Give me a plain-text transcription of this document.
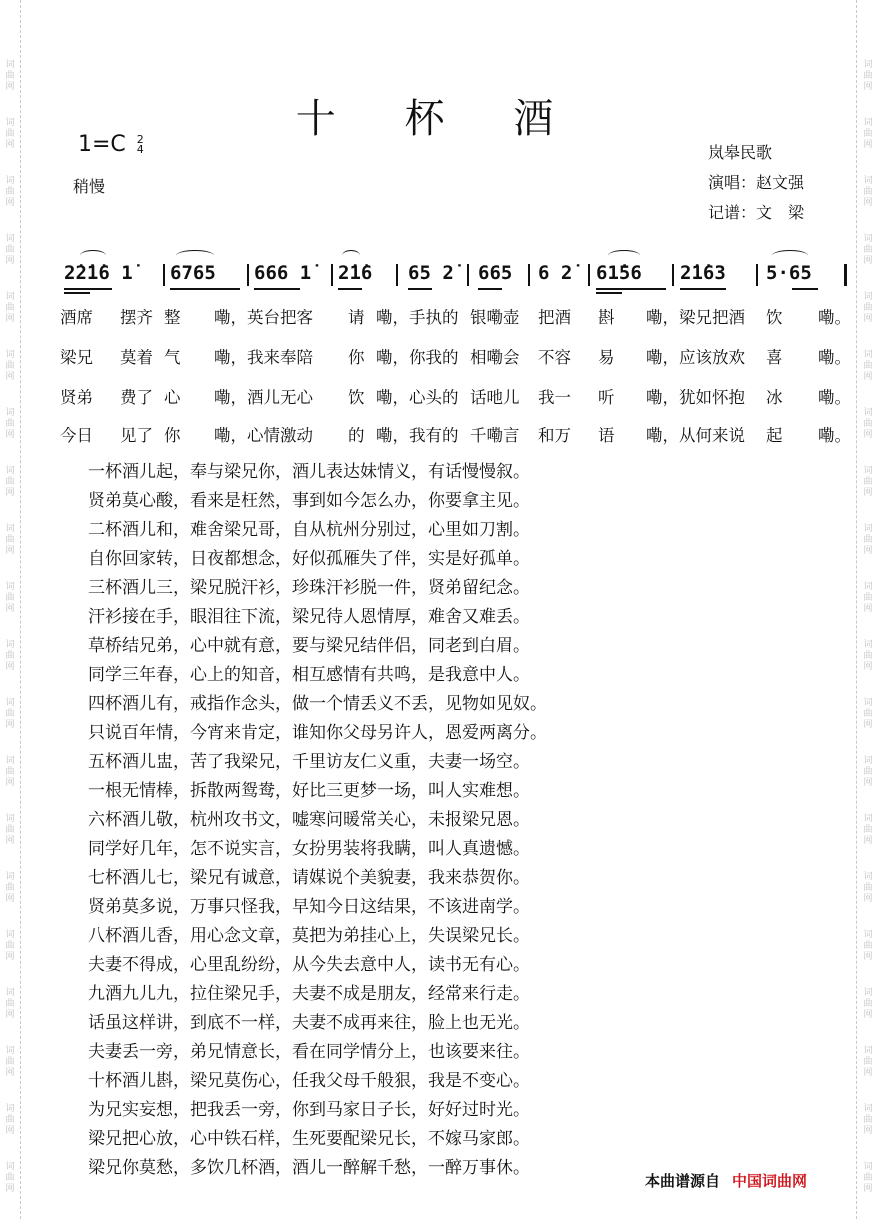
词
曲
网
词
曲
网
词
曲
网
词
曲
网
词
曲
网
词
曲
网
词
曲
网
词
曲
网
词
曲
网
词
曲
网
词
曲
网
词
曲
网
词
曲
网
词
曲
网
词
曲
网
词
曲
网
词
曲
网
词
曲
网
词
曲
网
词
曲
网
词
曲
网
词
曲
网
词
曲
网
词
曲
网
词
曲
网
词
曲
网
词
曲
网
词
曲
网
词
曲
网
词
曲
网
词
曲
网
词
曲
网
词
曲
网
词
曲
网
词
曲
网
词
曲
网
词
曲
网
词
曲
网
词
曲
网
词
曲
网
十 杯 酒
1=C 2
4
稍慢
岚皋民歌
演唱：赵文强
记谱：文　梁
2̇2̇1̇6 1̇ 6765 666 1̇ 2̇1̇6 65 2̇ 665 6 2̇ 61̇56 2̇1̇63 5·65
酒席 摆齐 整 嘞，英台把客 请 嘞，手执的 银嘞壶 把酒 斟 嘞，梁兄把酒 饮 嘞。
梁兄 莫着 气 嘞，我来奉陪 你 嘞，你我的 相嘞会 不容 易 嘞，应该放欢 喜 嘞。
贤弟 费了 心 嘞，酒儿无心 饮 嘞，心头的 话吔儿 我一 听 嘞，犹如怀抱 冰 嘞。
今日 见了 你 嘞，心情激动 的 嘞，我有的 千嘞言 和万 语 嘞，从何来说 起 嘞。
一杯酒儿起，奉与梁兄你，酒儿表达妹情义，有话慢慢叙。
贤弟莫心酸，看来是枉然，事到如今怎么办，你要拿主见。
二杯酒儿和，难舍梁兄哥，自从杭州分别过，心里如刀割。
自你回家转，日夜都想念，好似孤雁失了伴，实是好孤单。
三杯酒儿三，梁兄脱汗衫，珍珠汗衫脱一件，贤弟留纪念。
汗衫接在手，眼泪往下流，梁兄待人恩情厚，难舍又难丢。
草桥结兄弟，心中就有意，要与梁兄结伴侣，同老到白眉。
同学三年春，心上的知音，相互感情有共鸣，是我意中人。
四杯酒儿有，戒指作念头，做一个情丢义不丢，见物如见奴。
只说百年情，今宵来肯定，谁知你父母另许人，恩爱两离分。
五杯酒儿盅，苦了我梁兄，千里访友仁义重，夫妻一场空。
一根无情棒，拆散两鸳鸯，好比三更梦一场，叫人实难想。
六杯酒儿敬，杭州攻书文，嘘寒问暖常关心，未报梁兄恩。
同学好几年，怎不说实言，女扮男装将我瞒，叫人真遗憾。
七杯酒儿七，梁兄有诚意，请媒说个美貌妻，我来恭贺你。
贤弟莫多说，万事只怪我，早知今日这结果，不该进南学。
八杯酒儿香，用心念文章，莫把为弟挂心上，失误梁兄长。
夫妻不得成，心里乱纷纷，从今失去意中人，读书无有心。
九酒九儿九，拉住梁兄手，夫妻不成是朋友，经常来行走。
话虽这样讲，到底不一样，夫妻不成再来往，脸上也无光。
夫妻丢一旁，弟兄情意长，看在同学情分上，也该要来往。
十杯酒儿斟，梁兄莫伤心，任我父母千般狠，我是不变心。
为兄实妄想，把我丢一旁，你到马家日子长，好好过时光。
梁兄把心放，心中铁石样，生死要配梁兄长，不嫁马家郎。
梁兄你莫愁，多饮几杯酒，酒儿一醉解千愁，一醉万事休。
本曲谱源自 中国词曲网
